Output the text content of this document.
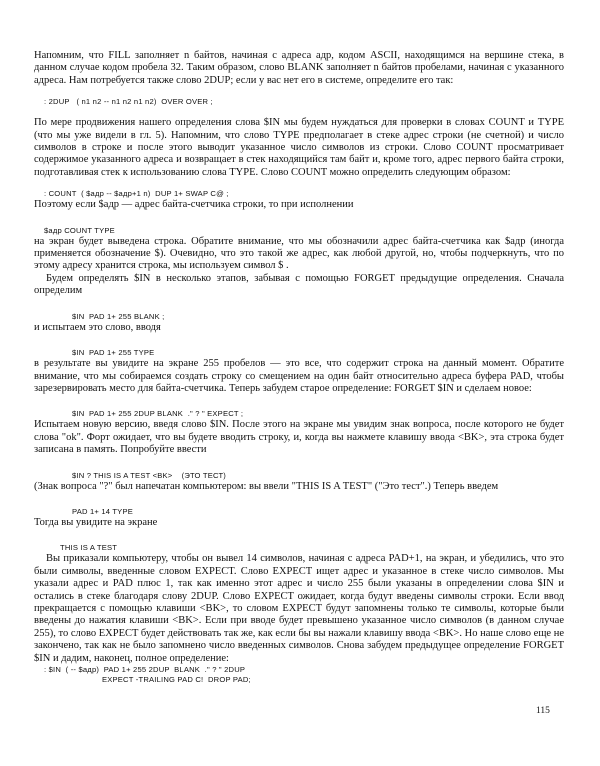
Напомним, что FILL заполняет n байтов, начиная с адреса адр, кодом ASCII, находящимся на вершине стека, в данном случае кодом пробела 32. Таким образом, слово BLANK заполняет n байтов пробелами, начиная с указанного адреса. Нам потребуется также слово 2DUP; если у вас нет его в системе, определите его так:

: 2DUP   ( n1 n2 -- n1 n2 n1 n2)  OVER OVER ;

По мере продвижения нашего определения слова $IN мы будем нуждаться для проверки в словах COUNT и TYPE (что мы уже видели в гл. 5). Напомним, что слово TYPE предполагает в стеке адрес строки (не счетной) и число символов в строке и после этого выводит указанное число символов из строки. Слово COUNT просматривает содержимое указанного адреса и возвращает в стек находящийся там байт и, кроме того, адрес первого байта строки, подготавливая стек к использованию слова TYPE. Слово COUNT можно определить следующим образом:

: COUNT  ( $адр -- $адр+1 n)  DUP 1+ SWAP C@ ;

Поэтому если $адр — адрес байта-счетчика строки, то при исполнении

$адр COUNT TYPE

на экран будет выведена строка. Обратите внимание, что мы обозначили адрес байта-счетчика как $адр (иногда применяется обозначение $). Очевидно, что это такой же адрес, как любой другой, но, чтобы подчеркнуть, что по этому адресу хранится строка, мы используем символ $ .

Будем определять $IN в несколько этапов, забывая с помощью FORGET предыдущие определения. Сначала определим

$IN  PAD 1+ 255 BLANK ;

и испытаем это слово, вводя

$IN  PAD 1+ 255 TYPE

в результате вы увидите на экране 255 пробелов — это все, что содержит строка на данный момент. Обратите внимание, что мы собираемся создать строку со смещением на один байт относительно адреса буфера PAD, чтобы зарезервировать место для байта-счетчика. Теперь забудем старое определение: FORGET $IN и сделаем новое:

$IN  PAD 1+ 255 2DUP BLANK  ." ? " EXPECT ;

Испытаем новую версию, введя слово $IN. После этого на экране мы увидим знак вопроса, после которого не будет слова "ok". Форт ожидает, что вы будете вводить строку, и, когда вы нажмете клавишу ввода <BK>, эта строка будет записана в память. Попробуйте ввести

$IN ? THIS IS A TEST <BK>    (ЭТО ТЕСТ)

(Знак вопроса "?" был напечатан компьютером: вы ввели "THIS IS A TEST" ("Это тест".) Теперь введем

PAD 1+ 14 TYPE

Тогда вы увидите на экране

THIS IS A TEST

Вы приказали компьютеру, чтобы он вывел 14 символов, начиная с адреса PAD+1, на экран, и убедились, что это были символы, введенные словом EXPECT. Слово EXPECT ищет адрес и указанное в стеке число символов. Мы указали адрес и PAD плюс 1, так как именно этот адрес и число 255 были указаны в определении слова $IN и остались в стеке благодаря слову 2DUP. Слово EXPECT ожидает, когда будут введены символы строки. Если ввод прекращается с помощью клавиши <BK>, то словом EXPECT будут запомнены только те символы, которые были введены до нажатия клавиши <BK>. Если при вводе будет превышено указанное число символов (в данном случае 255), то слово EXPECT будет действовать так же, как если бы вы нажали клавишу ввода <BK>. Но наше слово еще не закончено, так как не было запомнено число введенных символов. Снова забудем предыдущее определение FORGET $IN и дадим, наконец, полное определение:

: $IN  ( -- $адр)  PAD 1+ 255 2DUP  BLANK  ." ? " 2DUP
EXPECT -TRAILING PAD C!  DROP PAD;
115
